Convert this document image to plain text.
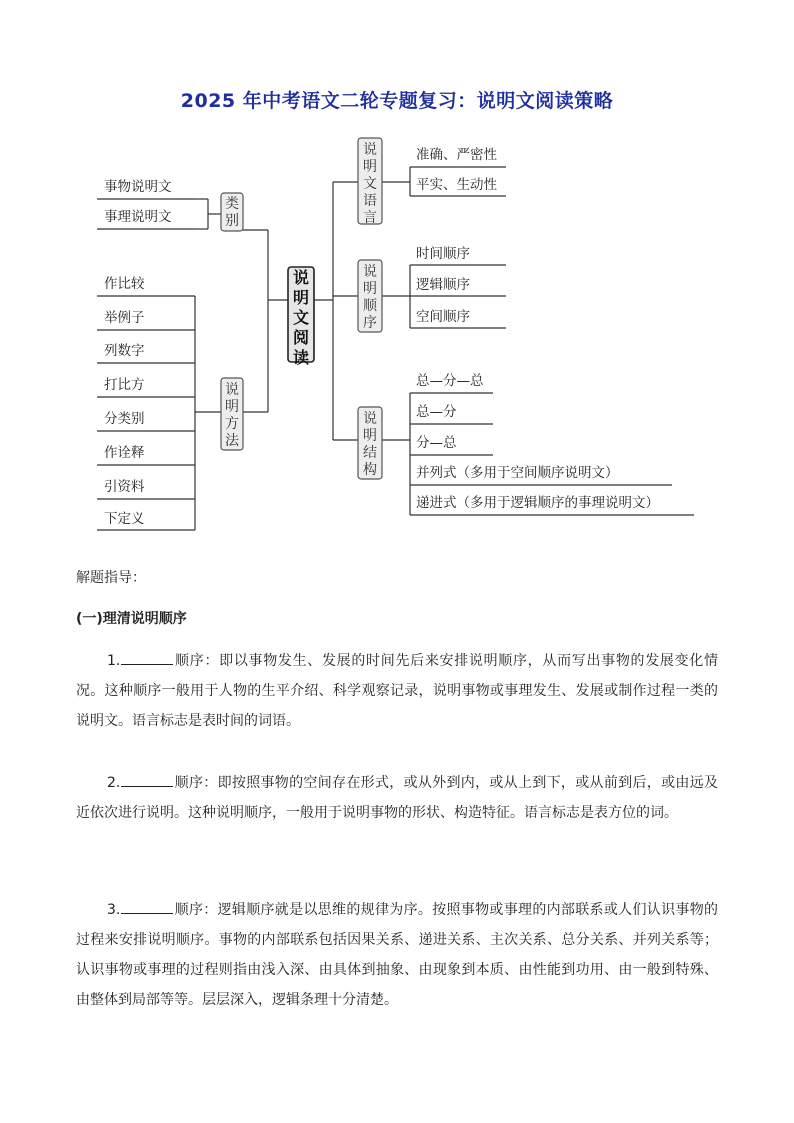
2025 年中考语文二轮专题复习：说明文阅读策略
说明文阅读
类别
说明方法
说明文语言
说明顺序
说明结构
事物说明文
事理说明文
作比较
举例子
列数字
打比方
分类别
作诠释
引资料
下定义
准确、严密性
平实、生动性
时间顺序
逻辑顺序
空间顺序
总—分—总
总—分
分—总
并列式（多用于空间顺序说明文）
递进式（多用于逻辑顺序的事理说明文）
解题指导：
(一)理清说明顺序
1.	顺序：即以事物发生、发展的时间先后来安排说明顺序，从而写出事物的发展变化情况。这种顺序一般用于人物的生平介绍、科学观察记录，说明事物或事理发生、发展或制作过程一类的说明文。语言标志是表时间的词语。
2.	顺序：即按照事物的空间存在形式，或从外到内，或从上到下，或从前到后，或由远及近依次进行说明。这种说明顺序，一般用于说明事物的形状、构造特征。语言标志是表方位的词。
3.	顺序：逻辑顺序就是以思维的规律为序。按照事物或事理的内部联系或人们认识事物的过程来安排说明顺序。事物的内部联系包括因果关系、递进关系、主次关系、总分关系、并列关系等；认识事物或事理的过程则指由浅入深、由具体到抽象、由现象到本质、由性能到功用、由一般到特殊、由整体到局部等等。层层深入，逻辑条理十分清楚。
